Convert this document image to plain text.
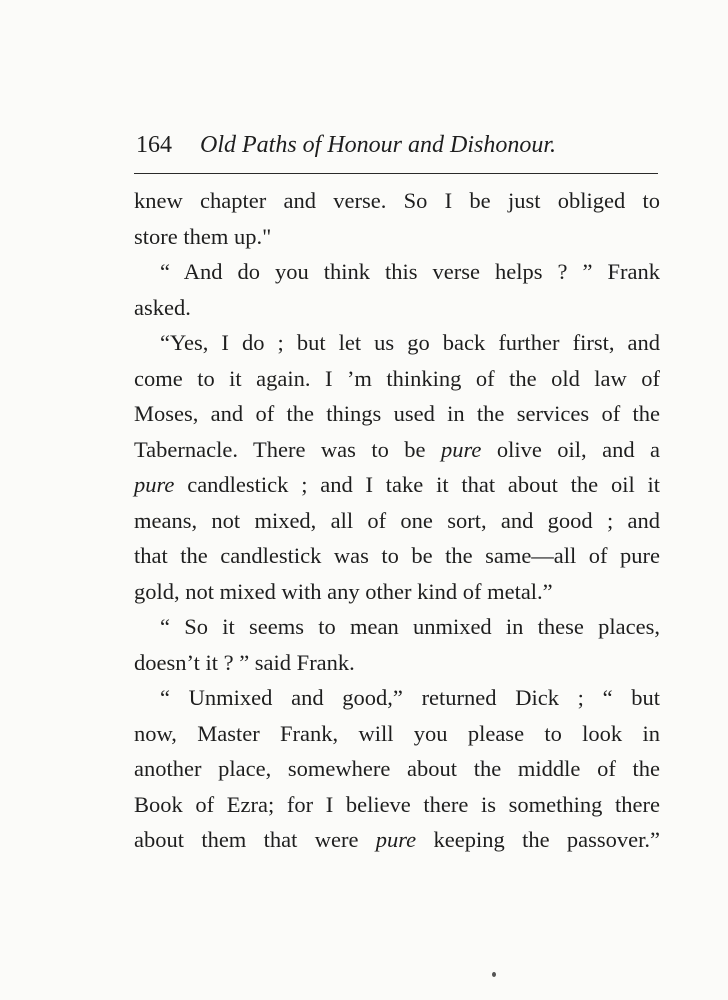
164 Old Paths of Honour and Dishonour.
knew chapter and verse. So I be just obliged to
store them up."
“ And do you think this verse helps ? ” Frank
asked.
“Yes, I do ; but let us go back further first, and
come to it again. I ’m thinking of the old law of
Moses, and of the things used in the services of the
Tabernacle. There was to be pure olive oil, and a
pure candlestick ; and I take it that about the oil it
means, not mixed, all of one sort, and good ; and
that the candlestick was to be the same—all of pure
gold, not mixed with any other kind of metal.”
“ So it seems to mean unmixed in these places,
doesn’t it ? ” said Frank.
“ Unmixed and good,” returned Dick ; “ but
now, Master Frank, will you please to look in
another place, somewhere about the middle of the
Book of Ezra; for I believe there is something there
about them that were pure keeping the passover.”
